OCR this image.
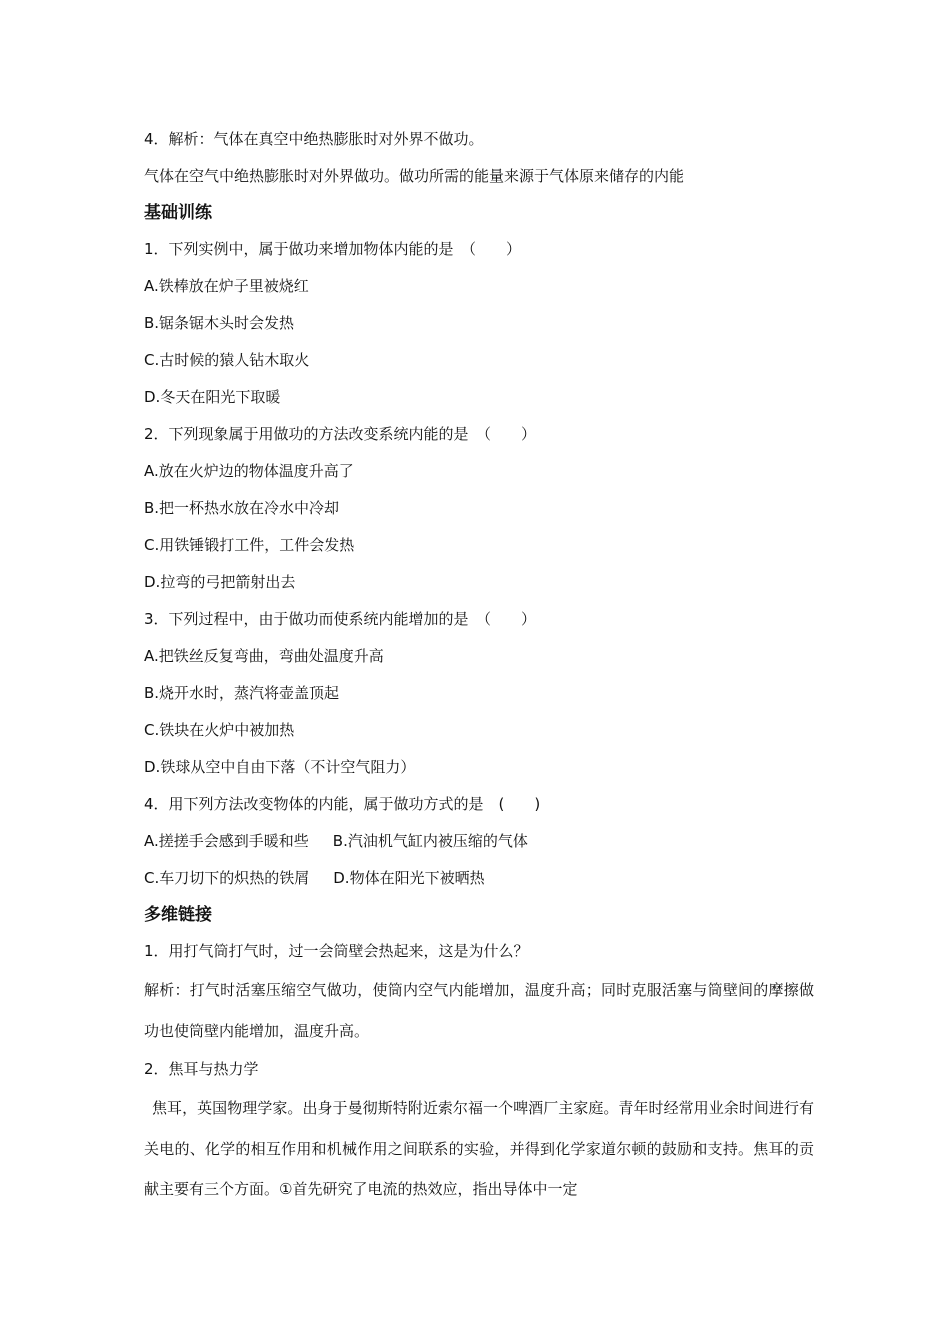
4．解析：气体在真空中绝热膨胀时对外界不做功。
气体在空气中绝热膨胀时对外界做功。做功所需的能量来源于气体原来储存的内能
基础训练
1．下列实例中，属于做功来增加物体内能的是　（　　）
A.铁棒放在炉子里被烧红
B.锯条锯木头时会发热
C.古时候的猿人钻木取火
D.冬天在阳光下取暖
2．下列现象属于用做功的方法改变系统内能的是　（　　）
A.放在火炉边的物体温度升高了
B.把一杯热水放在冷水中冷却
C.用铁锤锻打工件，工件会发热
D.拉弯的弓把箭射出去
3．下列过程中，由于做功而使系统内能增加的是　（　　）
A.把铁丝反复弯曲，弯曲处温度升高
B.烧开水时，蒸汽将壶盖顶起
C.铁块在火炉中被加热
D.铁球从空中自由下落（不计空气阻力）
4．用下列方法改变物体的内能，属于做功方式的是　(　　)
A.搓搓手会感到手暖和些 B.汽油机气缸内被压缩的气体
C.车刀切下的炽热的铁屑 D.物体在阳光下被晒热
多维链接
1．用打气筒打气时，过一会筒壁会热起来，这是为什么？
解析：打气时活塞压缩空气做功，使筒内空气内能增加，温度升高；同时克服活塞与筒壁间的摩擦做功也使筒壁内能增加，温度升高。
2．焦耳与热力学
焦耳，英国物理学家。出身于曼彻斯特附近索尔福一个啤酒厂主家庭。青年时经常用业余时间进行有关电的、化学的相互作用和机械作用之间联系的实验，并得到化学家道尔顿的鼓励和支持。焦耳的贡献主要有三个方面。①首先研究了电流的热效应，指出导体中一定
